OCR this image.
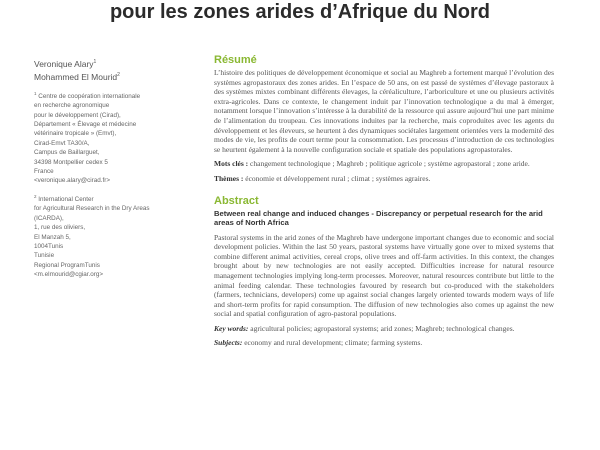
pour les zones arides d’Afrique du Nord
Veronique Alary$^1$
Mohammed El Mourid$^2$
$^1$ Centre de coopération internationale
en recherche agronomique
pour le développement (Cirad),
Département « Élevage et médecine
vétérinaire tropicale » (Emvt),
Cirad-Emvt TA30/A,
Campus de Baillarguet,
34398 Montpellier cedex 5
France
<veronique.alary@cirad.fr>
$^2$ International Center
for Agricultural Research in the Dry Areas
(ICARDA),
1, rue des oliviers,
El Manzah 5,
1004Tunis
Tunisie
Regional ProgramTunis
<m.elmourid@cgiar.org>
Résumé

L’histoire des politiques de développement économique et social au Maghreb a fortement marqué l’évolution des systèmes agropastoraux des zones arides. En l’espace de 50 ans, on est passé de systèmes d’élevage pastoraux à des systèmes mixtes combinant différents élevages, la céréaliculture, l’arboriculture et une ou plusieurs activités extra-agricoles. Dans ce contexte, le changement induit par l’innovation technologique a du mal à émerger, notamment lorsque l’innovation s’intéresse à la durabilité de la ressource qui assure aujourd’hui une part minime de l’alimentation du troupeau. Ces innovations induites par la recherche, mais coproduites avec les agents du développement et les éleveurs, se heurtent à des dynamiques sociétales largement orientées vers la modernité des modes de vie, les profits de court terme pour la consommation. Les processus d’introduction de ces technologies se heurtent également à la nouvelle configuration sociale et spatiale des populations agropastorales.

Mots clés : changement technologique ; Maghreb ; politique agricole ; système agropastoral ; zone aride.

Thèmes : économie et développement rural ; climat ; systèmes agraires.

Abstract

Between real change and induced changes - Discrepancy or perpetual research for the arid areas of North Africa

Pastoral systems in the arid zones of the Maghreb have undergone important changes due to economic and social development policies. Within the last 50 years, pastoral systems have virtually gone over to mixed systems that combine different animal activities, cereal crops, olive trees and off-farm activities. In this context, the changes brought about by new technologies are not easily accepted. Difficulties increase for natural resource management technologies implying long-term processes. Moreover, natural resources contribute but little to the animal feeding calendar. These technologies favoured by research but co-produced with the stakeholders (farmers, technicians, developers) come up against social changes largely oriented towards modern ways of life and short-term profits for rapid consumption. The diffusion of new technologies also comes up against the new social and spatial configuration of agro-pastoral populations.

Key words: agricultural policies; agropastoral systems; arid zones; Maghreb; technological changes.

Subjects: economy and rural development; climate; farming systems.
